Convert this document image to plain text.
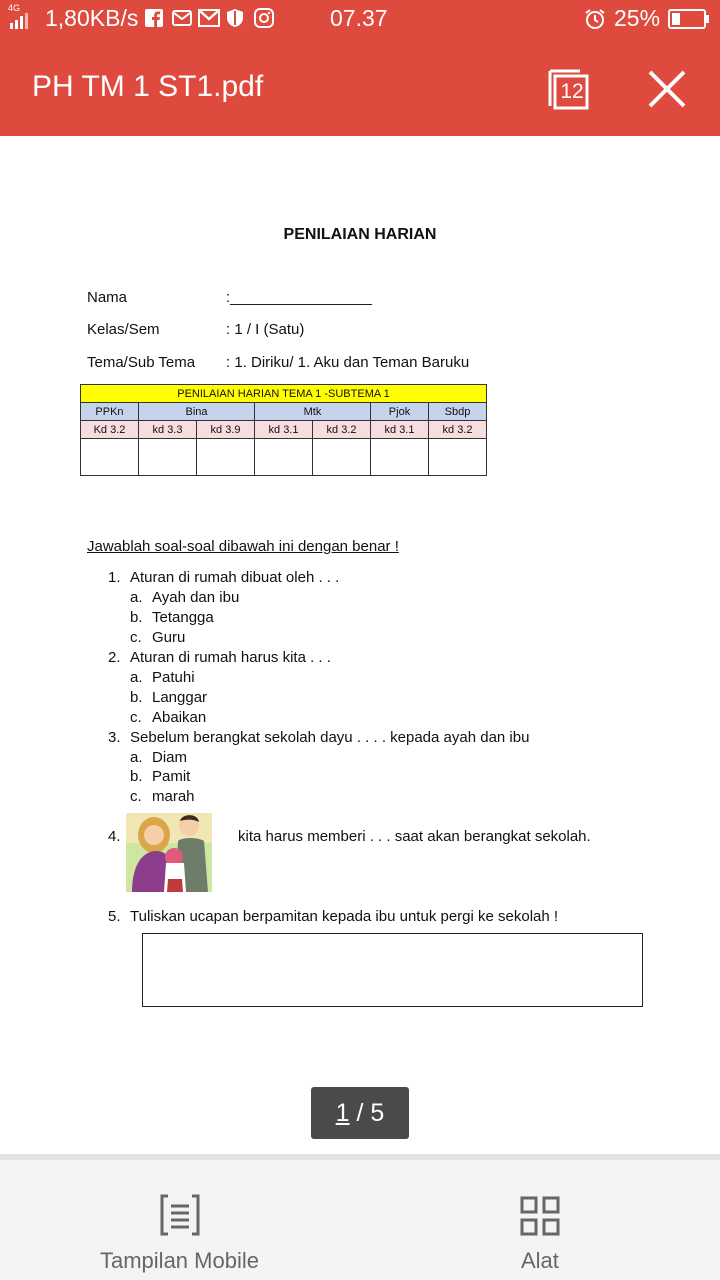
4G 1,80KB/s	07.37	25%
PH TM 1 ST1.pdf	12
PENILAIAN HARIAN
Nama	:_________________
Kelas/Sem	: 1 / I (Satu)
Tema/Sub Tema : 1. Diriku/ 1. Aku dan Teman Baruku
PENILAIAN HARIAN TEMA 1 -SUBTEMA 1						
PPKn	Bina		Mtk		Pjok	Sbdp
Kd 3.2	kd 3.3	kd 3.9	kd 3.1	kd 3.2	kd 3.1	kd 3.2

Jawablah soal-soal dibawah ini dengan benar !
1. Aturan di rumah dibuat oleh . . .
a. Ayah dan ibu
b. Tetangga
c. Guru
2. Aturan di rumah harus kita . . .
a. Patuhi
b. Langgar
c. Abaikan
3. Sebelum berangkat sekolah dayu . . . . kepada ayah dan ibu
a. Diam
b. Pamit
c. marah
4.	kita harus memberi . . . saat akan berangkat sekolah.
5. Tuliskan ucapan berpamitan kepada ibu untuk pergi ke sekolah !
1 / 5
Tampilan Mobile	Alat
